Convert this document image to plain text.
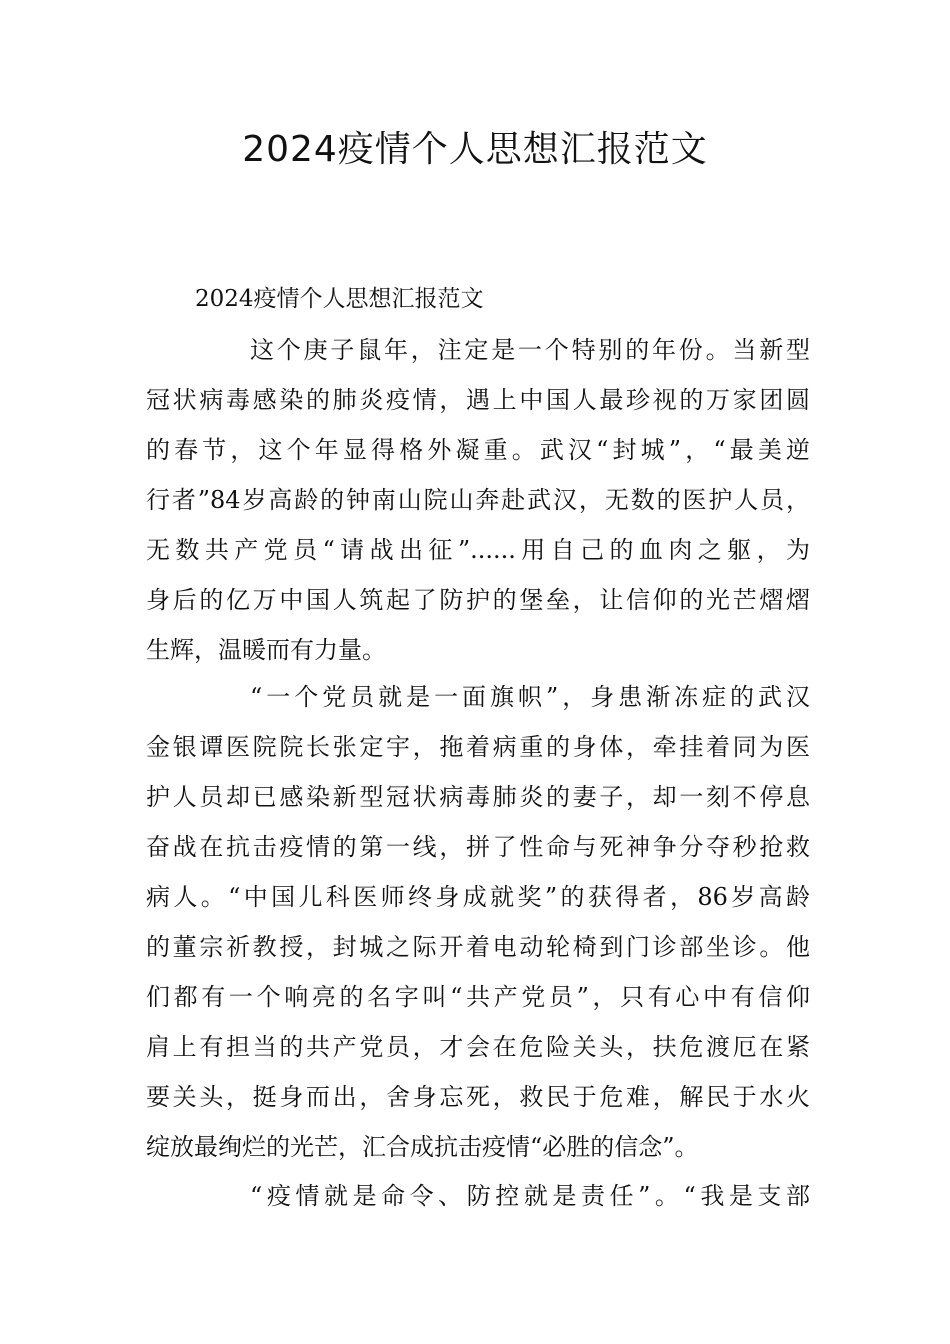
2024疫情个人思想汇报范文

2024疫情个人思想汇报范文

这个庚子鼠年，注定是一个特别的年份。当新型
冠状病毒感染的肺炎疫情，遇上中国人最珍视的万家团圆
的春节，这个年显得格外凝重。武汉“封城”，“最美逆
行者”84岁高龄的钟南山院山奔赴武汉，无数的医护人员，
无数共产党员“请战出征”......用自己的血肉之躯，为
身后的亿万中国人筑起了防护的堡垒，让信仰的光芒熠熠
生辉，温暖而有力量。
“一个党员就是一面旗帜”，身患渐冻症的武汉
金银谭医院院长张定宇，拖着病重的身体，牵挂着同为医
护人员却已感染新型冠状病毒肺炎的妻子，却一刻不停息
奋战在抗击疫情的第一线，拼了性命与死神争分夺秒抢救
病人。“中国儿科医师终身成就奖”的获得者，86岁高龄
的董宗祈教授，封城之际开着电动轮椅到门诊部坐诊。他
们都有一个响亮的名字叫“共产党员”，只有心中有信仰
肩上有担当的共产党员，才会在危险关头，扶危渡厄在紧
要关头，挺身而出，舍身忘死，救民于危难，解民于水火
绽放最绚烂的光芒，汇合成抗击疫情“必胜的信念”。
“疫情就是命令、防控就是责任”。“我是支部
